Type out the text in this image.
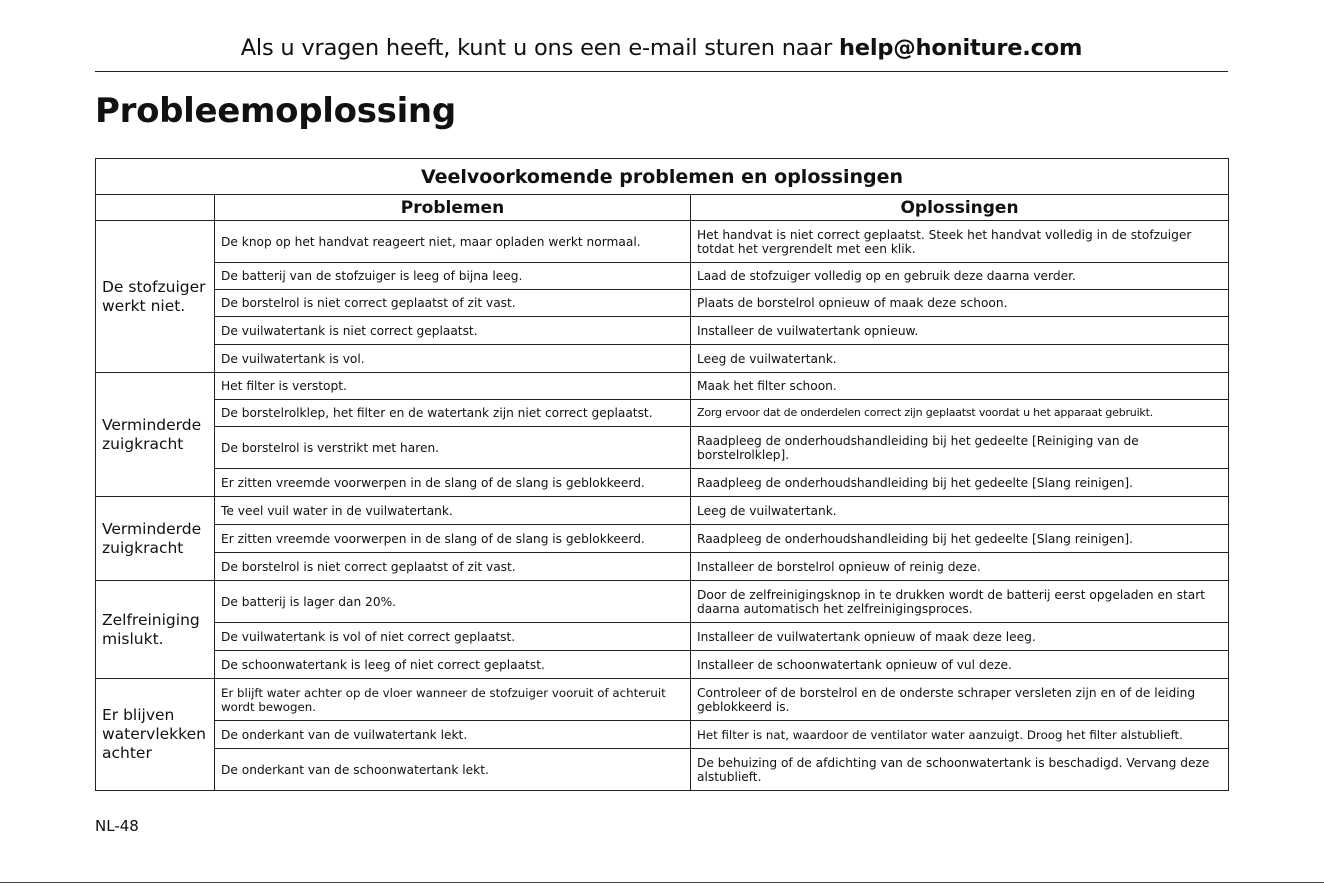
Als u vragen heeft, kunt u ons een e-mail sturen naar help@honiture.com
Probleemoplossing
Veelvoorkomende problemen en oplossingen		
	Problemen	Oplossingen
De stofzuiger werkt niet.	De knop op het handvat reageert niet, maar opladen werkt normaal.	Het handvat is niet correct geplaatst. Steek het handvat volledig in de stofzuiger totdat het vergrendelt met een klik.
	De batterij van de stofzuiger is leeg of bijna leeg.	Laad de stofzuiger volledig op en gebruik deze daarna verder.
	De borstelrol is niet correct geplaatst of zit vast.	Plaats de borstelrol opnieuw of maak deze schoon.
	De vuilwatertank is niet correct geplaatst.	Installeer de vuilwatertank opnieuw.
	De vuilwatertank is vol.	Leeg de vuilwatertank.
Verminderde zuigkracht	Het filter is verstopt.	Maak het filter schoon.
	De borstelrolklep, het filter en de watertank zijn niet correct geplaatst.	Zorg ervoor dat de onderdelen correct zijn geplaatst voordat u het apparaat gebruikt.
	De borstelrol is verstrikt met haren.	Raadpleeg de onderhoudshandleiding bij het gedeelte [Reiniging van de borstelrolklep].
	Er zitten vreemde voorwerpen in de slang of de slang is geblokkeerd.	Raadpleeg de onderhoudshandleiding bij het gedeelte [Slang reinigen].
Verminderde zuigkracht	Te veel vuil water in de vuilwatertank.	Leeg de vuilwatertank.
	Er zitten vreemde voorwerpen in de slang of de slang is geblokkeerd.	Raadpleeg de onderhoudshandleiding bij het gedeelte [Slang reinigen].
	De borstelrol is niet correct geplaatst of zit vast.	Installeer de borstelrol opnieuw of reinig deze.
Zelfreiniging mislukt.	De batterij is lager dan 20%.	Door de zelfreinigingsknop in te drukken wordt de batterij eerst opgeladen en start daarna automatisch het zelfreinigingsproces.
	De vuilwatertank is vol of niet correct geplaatst.	Installeer de vuilwatertank opnieuw of maak deze leeg.
	De schoonwatertank is leeg of niet correct geplaatst.	Installeer de schoonwatertank opnieuw of vul deze.
Er blijven watervlekken achter	Er blijft water achter op de vloer wanneer de stofzuiger vooruit of achteruit wordt bewogen.	Controleer of de borstelrol en de onderste schraper versleten zijn en of de leiding geblokkeerd is.
	De onderkant van de vuilwatertank lekt.	Het filter is nat, waardoor de ventilator water aanzuigt. Droog het filter alstublieft.
	De onderkant van de schoonwatertank lekt.	De behuizing of de afdichting van de schoonwatertank is beschadigd. Vervang deze alstublieft.
NL-48
